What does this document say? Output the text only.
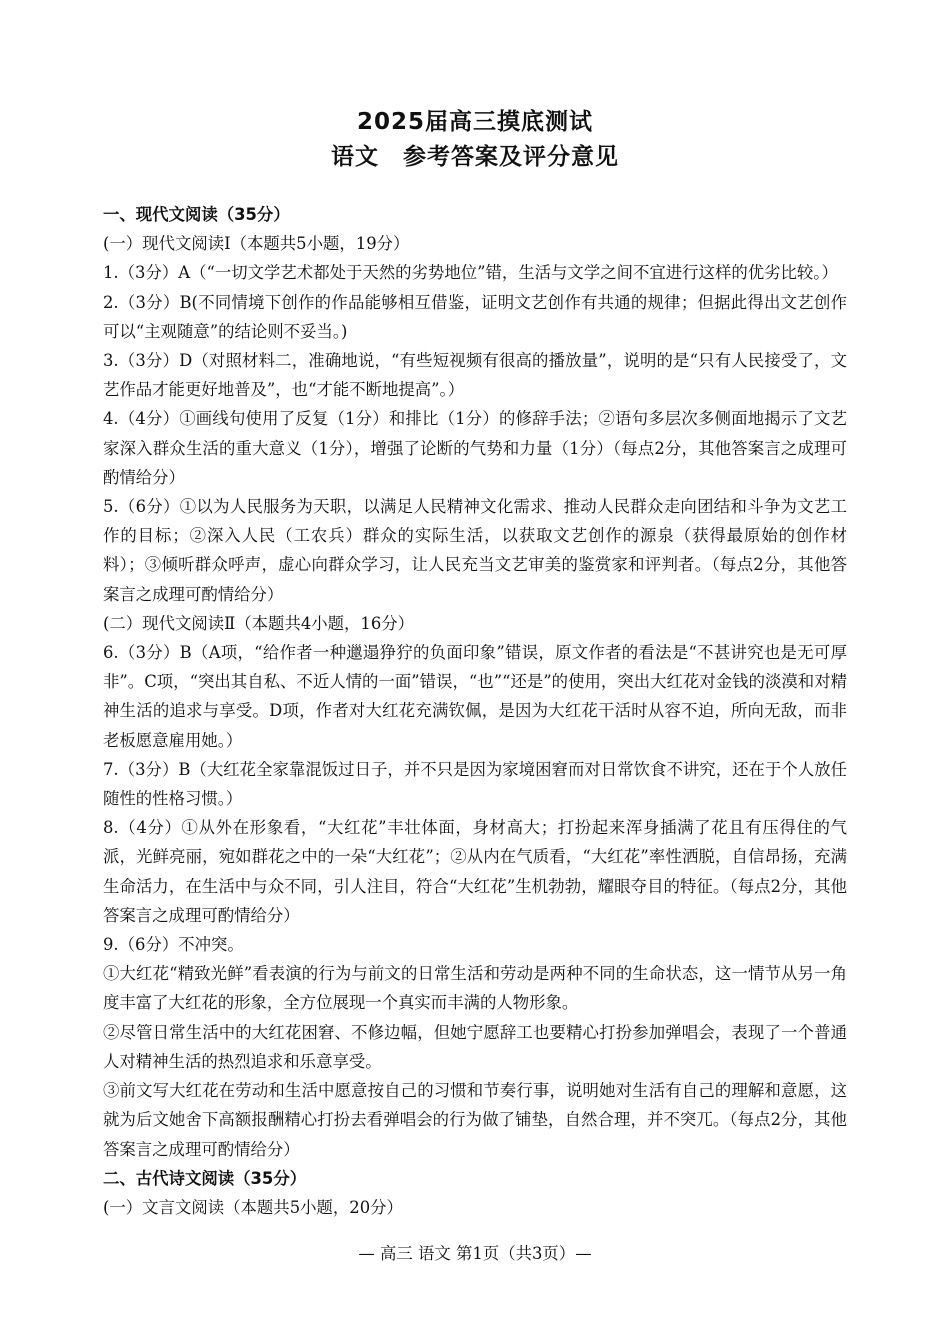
2025届高三摸底测试
语文　参考答案及评分意见

一、现代文阅读（35分）

(一）现代文阅读Ⅰ（本题共5小题，19分）

1.（3分）A（“一切文学艺术都处于天然的劣势地位”错，生活与文学之间不宜进行这样的优劣比较。）

2.（3分）B(不同情境下创作的作品能够相互借鉴，证明文艺创作有共通的规律；但据此得出文艺创作可以“主观随意”的结论则不妥当。)

3.（3分）D（对照材料二，准确地说，“有些短视频有很高的播放量”，说明的是“只有人民接受了，文艺作品才能更好地普及”，也“才能不断地提高”。）

4.（4分）①画线句使用了反复（1分）和排比（1分）的修辞手法；②语句多层次多侧面地揭示了文艺家深入群众生活的重大意义（1分），增强了论断的气势和力量（1分）（每点2分，其他答案言之成理可酌情给分）

5.（6分）①以为人民服务为天职，以满足人民精神文化需求、推动人民群众走向团结和斗争为文艺工作的目标；②深入人民（工农兵）群众的实际生活，以获取文艺创作的源泉（获得最原始的创作材料）；③倾听群众呼声，虚心向群众学习，让人民充当文艺审美的鉴赏家和评判者。（每点2分，其他答案言之成理可酌情给分）

(二）现代文阅读Ⅱ（本题共4小题，16分）

6.（3分）B（A项，“给作者一种邋遢狰狞的负面印象”错误，原文作者的看法是“不甚讲究也是无可厚非”。C项，“突出其自私、不近人情的一面”错误，“也”“还是”的使用，突出大红花对金钱的淡漠和对精神生活的追求与享受。D项，作者对大红花充满钦佩，是因为大红花干活时从容不迫，所向无敌，而非老板愿意雇用她。）

7.（3分）B（大红花全家靠混饭过日子，并不只是因为家境困窘而对日常饮食不讲究，还在于个人放任随性的性格习惯。）

8.（4分）①从外在形象看，“大红花”丰壮体面，身材高大；打扮起来浑身插满了花且有压得住的气派，光鲜亮丽，宛如群花之中的一朵“大红花”；②从内在气质看，“大红花”率性洒脱，自信昂扬，充满生命活力，在生活中与众不同，引人注目，符合“大红花”生机勃勃，耀眼夺目的特征。（每点2分，其他答案言之成理可酌情给分）

9.（6分）不冲突。

①大红花“精致光鲜”看表演的行为与前文的日常生活和劳动是两种不同的生命状态，这一情节从另一角度丰富了大红花的形象，全方位展现一个真实而丰满的人物形象。

②尽管日常生活中的大红花困窘、不修边幅，但她宁愿辞工也要精心打扮参加弹唱会，表现了一个普通人对精神生活的热烈追求和乐意享受。

③前文写大红花在劳动和生活中愿意按自己的习惯和节奏行事，说明她对生活有自己的理解和意愿，这就为后文她舍下高额报酬精心打扮去看弹唱会的行为做了铺垫，自然合理，并不突兀。（每点2分，其他答案言之成理可酌情给分）

二、古代诗文阅读（35分）

(一）文言文阅读（本题共5小题，20分）

— 高三 语文 第1页（共3页）—
